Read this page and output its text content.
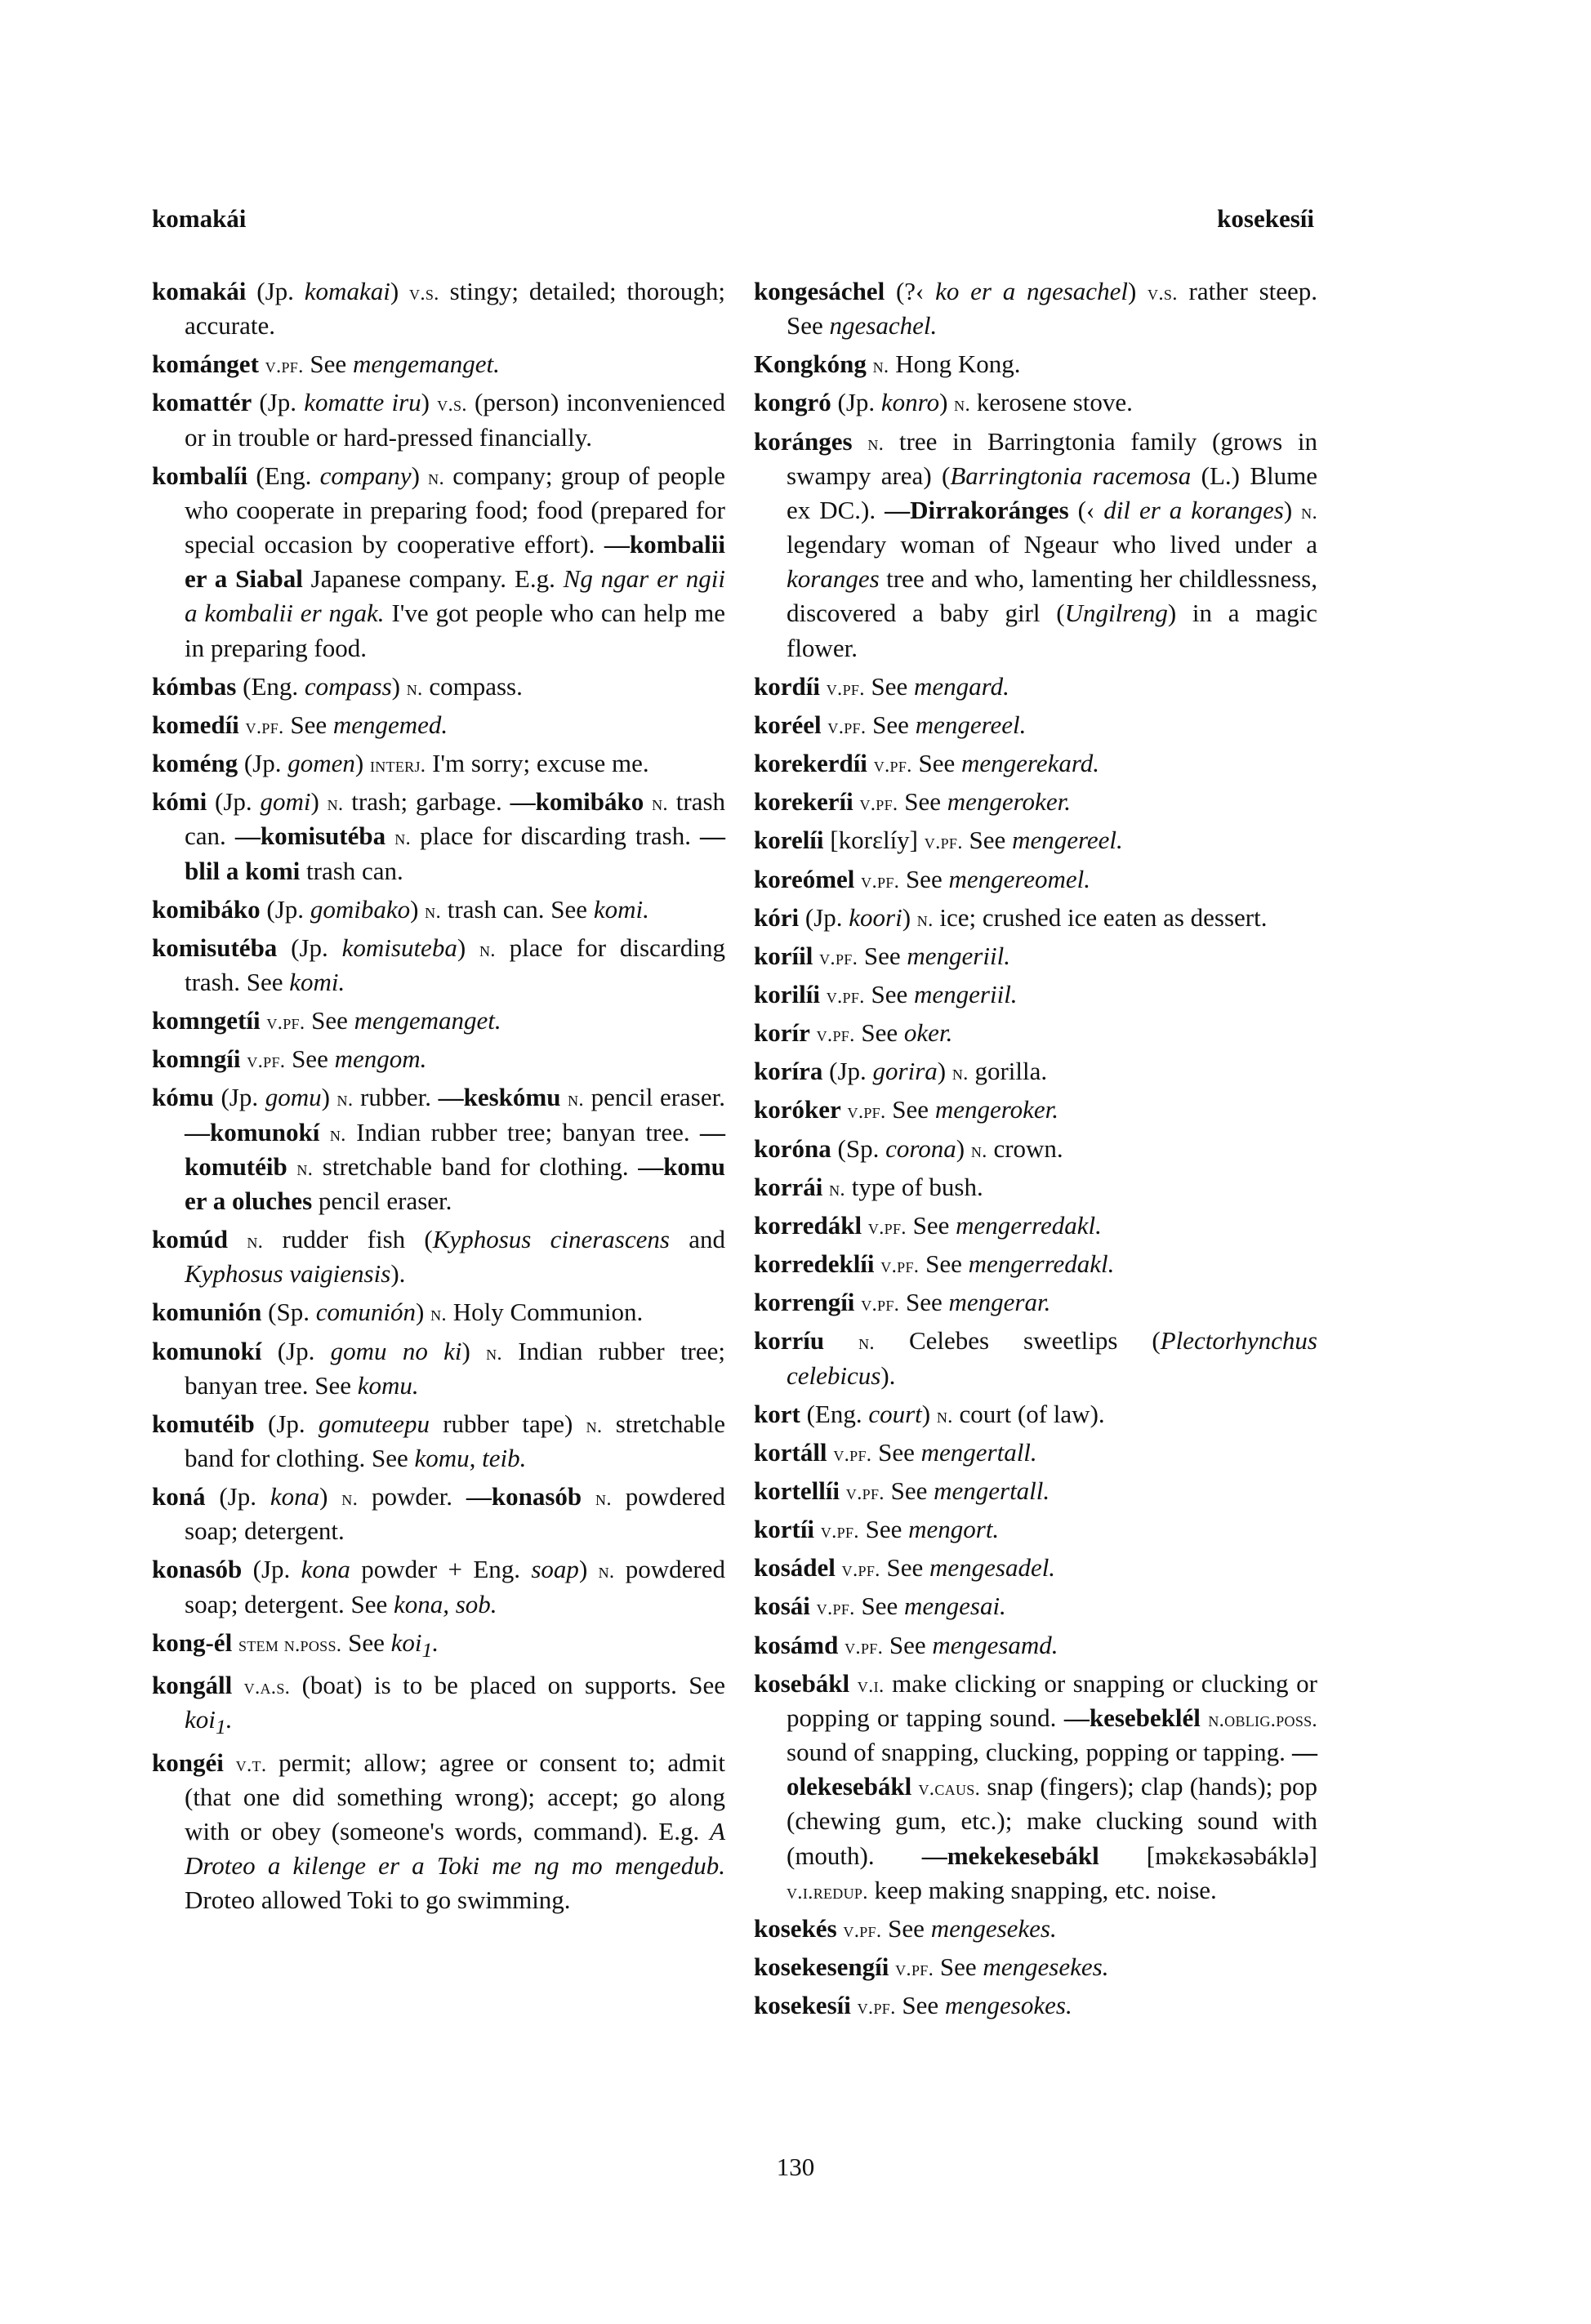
komakái	kosekesíi
komakái (Jp. komakai) v.s. stingy; detailed; thorough; accurate.
kománget v.pf. See mengemanget.
komattér (Jp. komatte iru) v.s. (person) inconvenienced or in trouble or hard-pressed financially.
kombalíi (Eng. company) n. company; group of people who cooperate in preparing food; food (prepared for special occasion by cooperative effort). —kombalii er a Siabal Japanese company. E.g. Ng ngar er ngii a kombalii er ngak. I've got people who can help me in preparing food.
kómbas (Eng. compass) n. compass.
komedíi v.pf. See mengemed.
koméng (Jp. gomen) interj. I'm sorry; excuse me.
kómi (Jp. gomi) n. trash; garbage. —komibáko n. trash can. —komisutéba n. place for discarding trash. —blil a komi trash can.
komibáko (Jp. gomibako) n. trash can. See komi.
komisutéba (Jp. komisuteba) n. place for discarding trash. See komi.
komngetíi v.pf. See mengemanget.
komngíi v.pf. See mengom.
kómu (Jp. gomu) n. rubber. —keskómu n. pencil eraser. —komunokí n. Indian rubber tree; banyan tree. —komutéib n. stretchable band for clothing. —komu er a oluches pencil eraser.
komúd n. rudder fish (Kyphosus cinerascens and Kyphosus vaigiensis).
komunión (Sp. comunión) n. Holy Communion.
komunokí (Jp. gomu no ki) n. Indian rubber tree; banyan tree. See komu.
komutéib (Jp. gomuteepu rubber tape) n. stretchable band for clothing. See komu, teib.
koná (Jp. kona) n. powder. —konasób n. powdered soap; detergent.
konasób (Jp. kona powder + Eng. soap) n. powdered soap; detergent. See kona, sob.
kong-él stem n.poss. See koi$_1$.
kongáll v.a.s. (boat) is to be placed on supports. See koi$_1$.
kongéi v.t. permit; allow; agree or consent to; admit (that one did something wrong); accept; go along with or obey (someone's words, command). E.g. A Droteo a kilenge er a Toki me ng mo mengedub. Droteo allowed Toki to go swimming.
kongesáchel (?‹ ko er a ngesachel) v.s. rather steep. See ngesachel.
Kongkóng n. Hong Kong.
kongró (Jp. konro) n. kerosene stove.
koránges n. tree in Barringtonia family (grows in swampy area) (Barringtonia racemosa (L.) Blume ex DC.). —Dirrakoránges (‹ dil er a koranges) n. legendary woman of Ngeaur who lived under a koranges tree and who, lamenting her childlessness, discovered a baby girl (Ungilreng) in a magic flower.
kordíi v.pf. See mengard.
koréel v.pf. See mengereel.
korekerdíi v.pf. See mengerekard.
korekeríi v.pf. See mengeroker.
korelíi [korɛlíy] v.pf. See mengereel.
koreómel v.pf. See mengereomel.
kóri (Jp. koori) n. ice; crushed ice eaten as dessert.
koríil v.pf. See mengeriil.
korilíi v.pf. See mengeriil.
korír v.pf. See oker.
koríra (Jp. gorira) n. gorilla.
koróker v.pf. See mengeroker.
koróna (Sp. corona) n. crown.
korrái n. type of bush.
korredákl v.pf. See mengerredakl.
korredeklíi v.pf. See mengerredakl.
korrengíi v.pf. See mengerar.
korríu n. Celebes sweetlips (Plectorhynchus celebicus).
kort (Eng. court) n. court (of law).
kortáll v.pf. See mengertall.
kortellíi v.pf. See mengertall.
kortíi v.pf. See mengort.
kosádel v.pf. See mengesadel.
kosái v.pf. See mengesai.
kosámd v.pf. See mengesamd.
kosebákl v.i. make clicking or snapping or clucking or popping or tapping sound. —kesebeklél n.oblig.poss. sound of snapping, clucking, popping or tapping. —olekesebákl v.caus. snap (fingers); clap (hands); pop (chewing gum, etc.); make clucking sound with (mouth). —mekekesebákl [məkɛkəsəbáklə] v.i.redup. keep making snapping, etc. noise.
kosekés v.pf. See mengesekes.
kosekesengíi v.pf. See mengesekes.
kosekesíi v.pf. See mengesokes.
130
